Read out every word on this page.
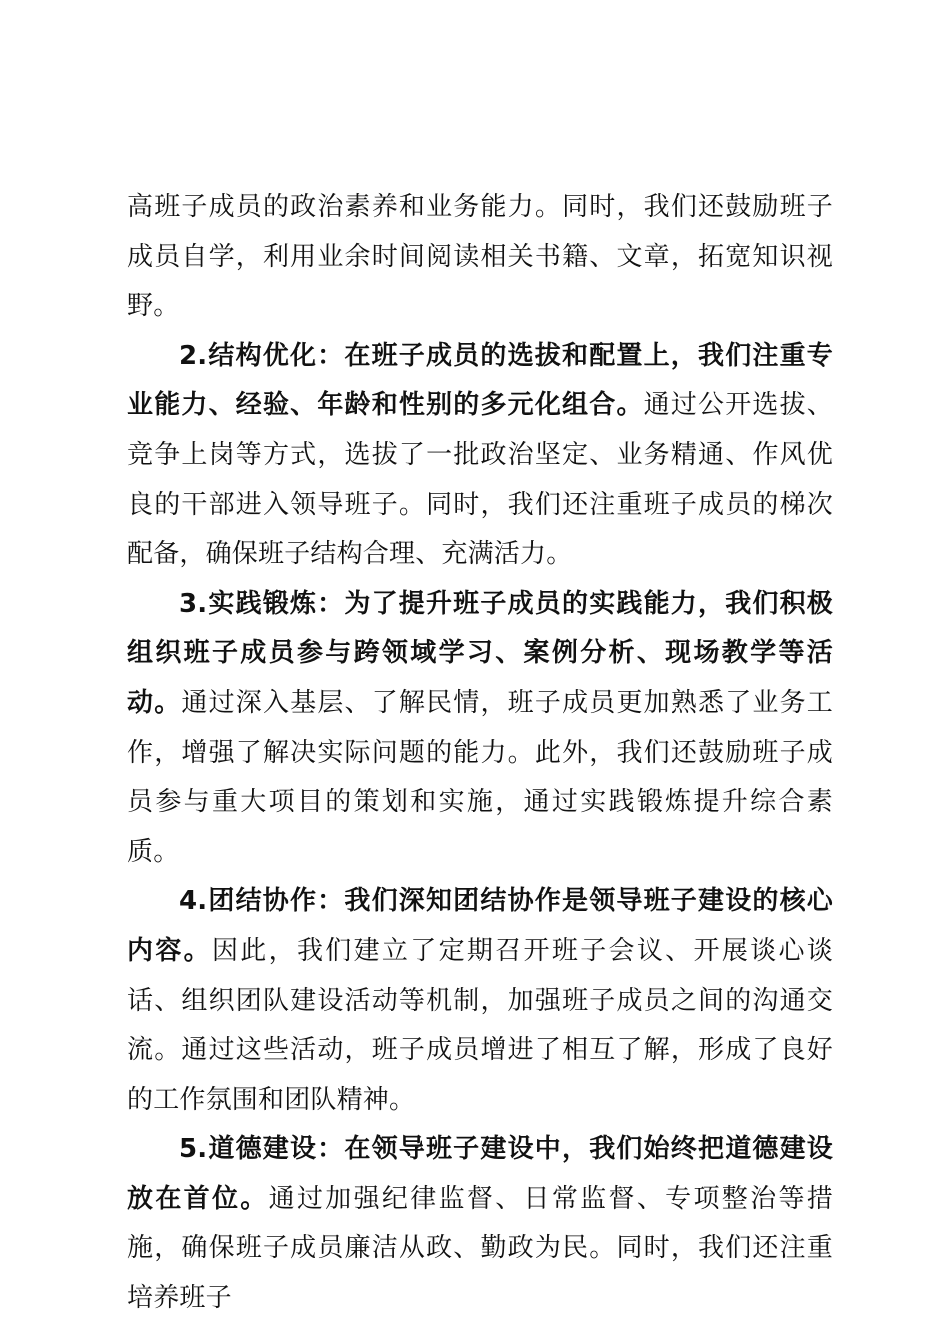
高班子成员的政治素养和业务能力。同时，我们还鼓励班子成员自学，利用业余时间阅读相关书籍、文章，拓宽知识视野。

2.结构优化：在班子成员的选拔和配置上，我们注重专业能力、经验、年龄和性别的多元化组合。通过公开选拔、竞争上岗等方式，选拔了一批政治坚定、业务精通、作风优良的干部进入领导班子。同时，我们还注重班子成员的梯次配备，确保班子结构合理、充满活力。

3.实践锻炼：为了提升班子成员的实践能力，我们积极组织班子成员参与跨领域学习、案例分析、现场教学等活动。通过深入基层、了解民情，班子成员更加熟悉了业务工作，增强了解决实际问题的能力。此外，我们还鼓励班子成员参与重大项目的策划和实施，通过实践锻炼提升综合素质。

4.团结协作：我们深知团结协作是领导班子建设的核心内容。因此，我们建立了定期召开班子会议、开展谈心谈话、组织团队建设活动等机制，加强班子成员之间的沟通交流。通过这些活动，班子成员增进了相互了解，形成了良好的工作氛围和团队精神。

5.道德建设：在领导班子建设中，我们始终把道德建设放在首位。通过加强纪律监督、日常监督、专项整治等措施，确保班子成员廉洁从政、勤政为民。同时，我们还注重培养班子
